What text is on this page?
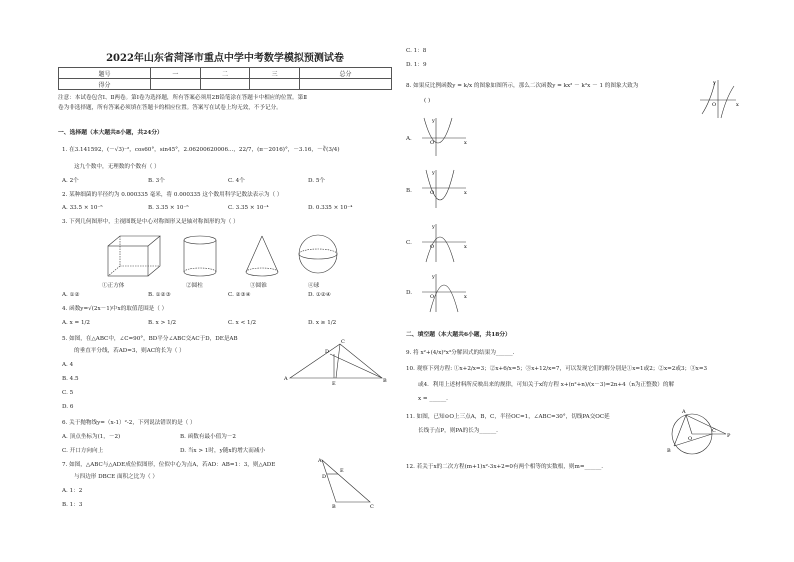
2022年山东省菏泽市重点中学中考数学模拟预测试卷
题号	一	二	三	总分
得分				
注意：本试卷包含Ⅰ、Ⅱ两卷。第Ⅰ卷为选择题，所有答案必须用2B铅笔涂在答题卡中相应的位置。第Ⅱ
卷为非选择题，所有答案必须填在答题卡的相应位置。答案写在试卷上均无效，不予记分。
一、选择题（本大题共8小题，共24分）
1. 在3.141592，(－√3)⁻²，cos60°，sin45°，2.06200620006...，22/7，(π－2016)°，－3.16，－∛(3/4)
这九个数中，无理数的个数有（ ）
A. 2个	B. 3个	C. 4个	D. 5个
2. 某种细菌的半径约为 0.000335 毫米，将 0.000335 这个数用科学记数法表示为（ ）
A. 33.5 × 10⁻⁵	B. 3.35 × 10⁻⁵	C. 3.35 × 10⁻⁴	D. 0.335 × 10⁻⁴
3. 下列几何图形中，主视图既是中心对称图形又是轴对称图形的为（ ）
①正方体	②圆柱	③圆锥	④球
A. ①②	B. ①②③	C. ②③④	D. ①②④
4. 函数y=√(2x－1)中x的取值范围是（ ）
A. x = 1/2	B. x > 1/2	C. x < 1/2	D. x ≥ 1/2
5. 如图，在△ABC中，∠C=90°，BD平分∠ABC交AC于D，DE是AB
的垂直平分线，若AD=3，则AC的长为（ ）
A. 4
B. 4.5
C. 5
D. 6
A	B
C
D
E
6. 关于抛物线y=（x-1）²-2，下列说法错误的是（ ）
A. 顶点坐标为(1，－2)	B. 函数有最小值为－2
C. 开口方向向上	D. 当x > 1时，y随x的增大而减小
7. 如图，△ABC与△ADE成位似图形，位似中心为点A，若AD：AB=1：3，则△ADE
与四边形 DBCE 面积之比为（ ）
A. 1：2
B. 1：3
A
D
E
B	C
C. 1：8
D. 1：9
8. 如果反比例函数y = k/x 的图象如图所示，那么二次函数y = kx² － k²x － 1 的图象大致为
( )
y
x
O
A.
y
x
O
B.
y
x
O
C.
y
x
O
D.
y
x
O
二、填空题（本大题共6小题，共18分）
9. 将 x²+(4/x)²x³分解因式的结果为______.
10. 观察下列方程: ①x+2/x=3；②x+6/x=5；③x+12/x=7，可以发现它们的解分别是①x=1或2；②x=2或3；③x=3
或4．利用上述材料所反映出来的规律，可知关于x的方程 x+(n²+n)/(x－3)=2n+4（n为正整数）的解
x = ______.
11. 如图，已知⊙O上三点A，B，C，半径OC=1，∠ABC=30°，切线PA交OC延
长线于点P，则PA的长为______.
A
O
C
P
B
12. 若关于x的二次方程(m+1)x²-3x+2=0有两个相等的实数根，则m=______.
